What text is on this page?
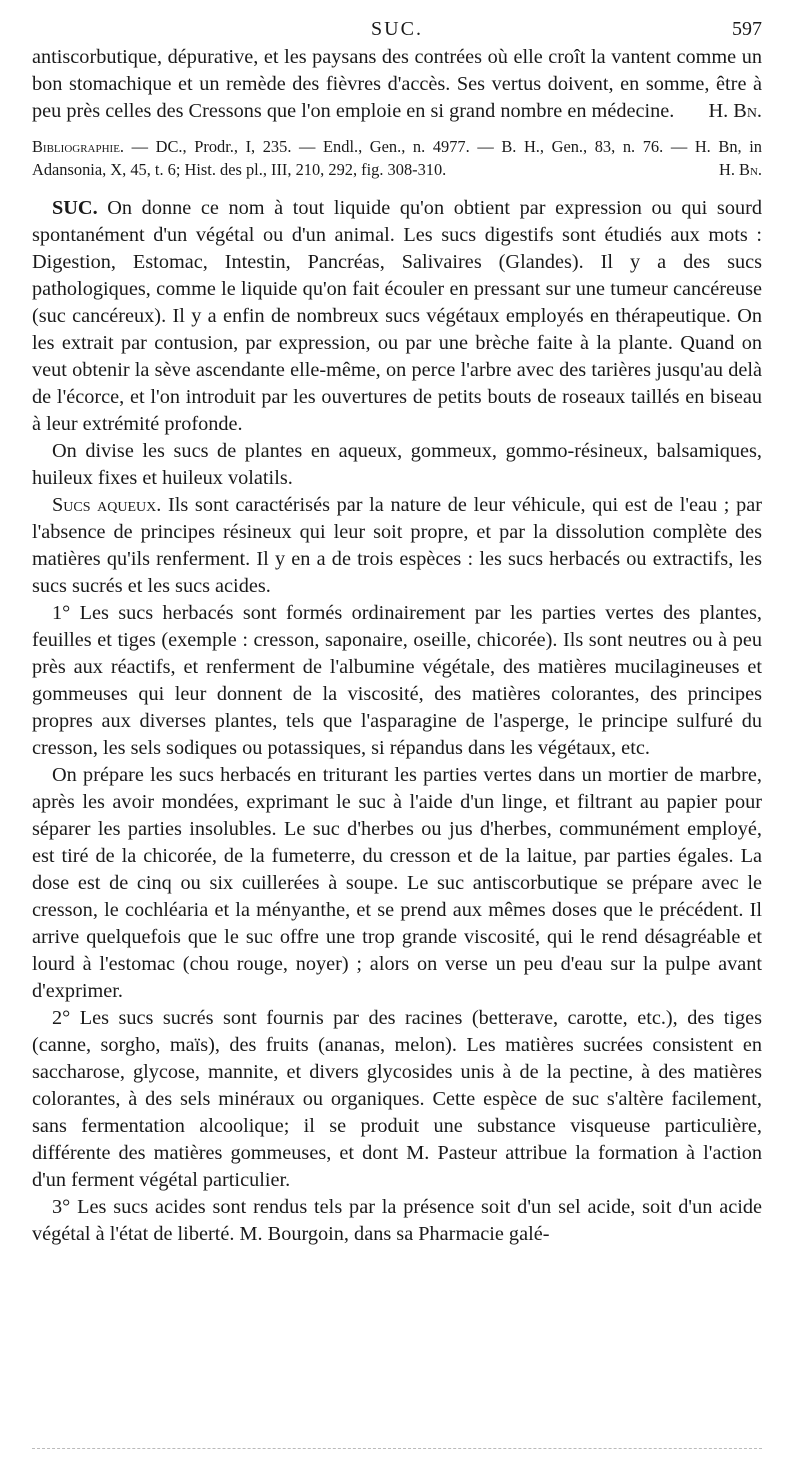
SUC.	597

antiscorbutique, dépurative, et les paysans des contrées où elle croît la vantent comme un bon stomachique et un remède des fièvres d'accès. Ses vertus doivent, en somme, être à peu près celles des Cressons que l'on emploie en si grand nombre en médecine. H. Bn.

Bibliographie. — DC., Prodr., I, 235. — Endl., Gen., n. 4977. — B. H., Gen., 83, n. 76. — H. Bn, in Adansonia, X, 45, t. 6; Hist. des pl., III, 210, 292, fig. 308-310.	H. Bn.

SUC. On donne ce nom à tout liquide qu'on obtient par expression ou qui sourd spontanément d'un végétal ou d'un animal. Les sucs digestifs sont étudiés aux mots : Digestion, Estomac, Intestin, Pancréas, Salivaires (Glandes). Il y a des sucs pathologiques, comme le liquide qu'on fait écouler en pressant sur une tumeur cancéreuse (suc cancéreux). Il y a enfin de nombreux sucs végétaux employés en thérapeutique. On les extrait par contusion, par expression, ou par une brèche faite à la plante. Quand on veut obtenir la sève ascendante elle-même, on perce l'arbre avec des tarières jusqu'au delà de l'écorce, et l'on introduit par les ouvertures de petits bouts de roseaux taillés en biseau à leur extrémité profonde.

On divise les sucs de plantes en aqueux, gommeux, gommo-résineux, balsamiques, huileux fixes et huileux volatils.

Sucs aqueux. Ils sont caractérisés par la nature de leur véhicule, qui est de l'eau ; par l'absence de principes résineux qui leur soit propre, et par la dissolution complète des matières qu'ils renferment. Il y en a de trois espèces : les sucs herbacés ou extractifs, les sucs sucrés et les sucs acides.

1° Les sucs herbacés sont formés ordinairement par les parties vertes des plantes, feuilles et tiges (exemple : cresson, saponaire, oseille, chicorée). Ils sont neutres ou à peu près aux réactifs, et renferment de l'albumine végétale, des matières mucilagineuses et gommeuses qui leur donnent de la viscosité, des matières colorantes, des principes propres aux diverses plantes, tels que l'asparagine de l'asperge, le principe sulfuré du cresson, les sels sodiques ou potassiques, si répandus dans les végétaux, etc.

On prépare les sucs herbacés en triturant les parties vertes dans un mortier de marbre, après les avoir mondées, exprimant le suc à l'aide d'un linge, et filtrant au papier pour séparer les parties insolubles. Le suc d'herbes ou jus d'herbes, communément employé, est tiré de la chicorée, de la fumeterre, du cresson et de la laitue, par parties égales. La dose est de cinq ou six cuillerées à soupe. Le suc antiscorbutique se prépare avec le cresson, le cochléaria et la ményanthe, et se prend aux mêmes doses que le précédent. Il arrive quelquefois que le suc offre une trop grande viscosité, qui le rend désagréable et lourd à l'estomac (chou rouge, noyer) ; alors on verse un peu d'eau sur la pulpe avant d'exprimer.

2° Les sucs sucrés sont fournis par des racines (betterave, carotte, etc.), des tiges (canne, sorgho, maïs), des fruits (ananas, melon). Les matières sucrées consistent en saccharose, glycose, mannite, et divers glycosides unis à de la pectine, à des matières colorantes, à des sels minéraux ou organiques. Cette espèce de suc s'altère facilement, sans fermentation alcoolique; il se produit une substance visqueuse particulière, différente des matières gommeuses, et dont M. Pasteur attribue la formation à l'action d'un ferment végétal particulier.

3° Les sucs acides sont rendus tels par la présence soit d'un sel acide, soit d'un acide végétal à l'état de liberté. M. Bourgoin, dans sa Pharmacie galé-
